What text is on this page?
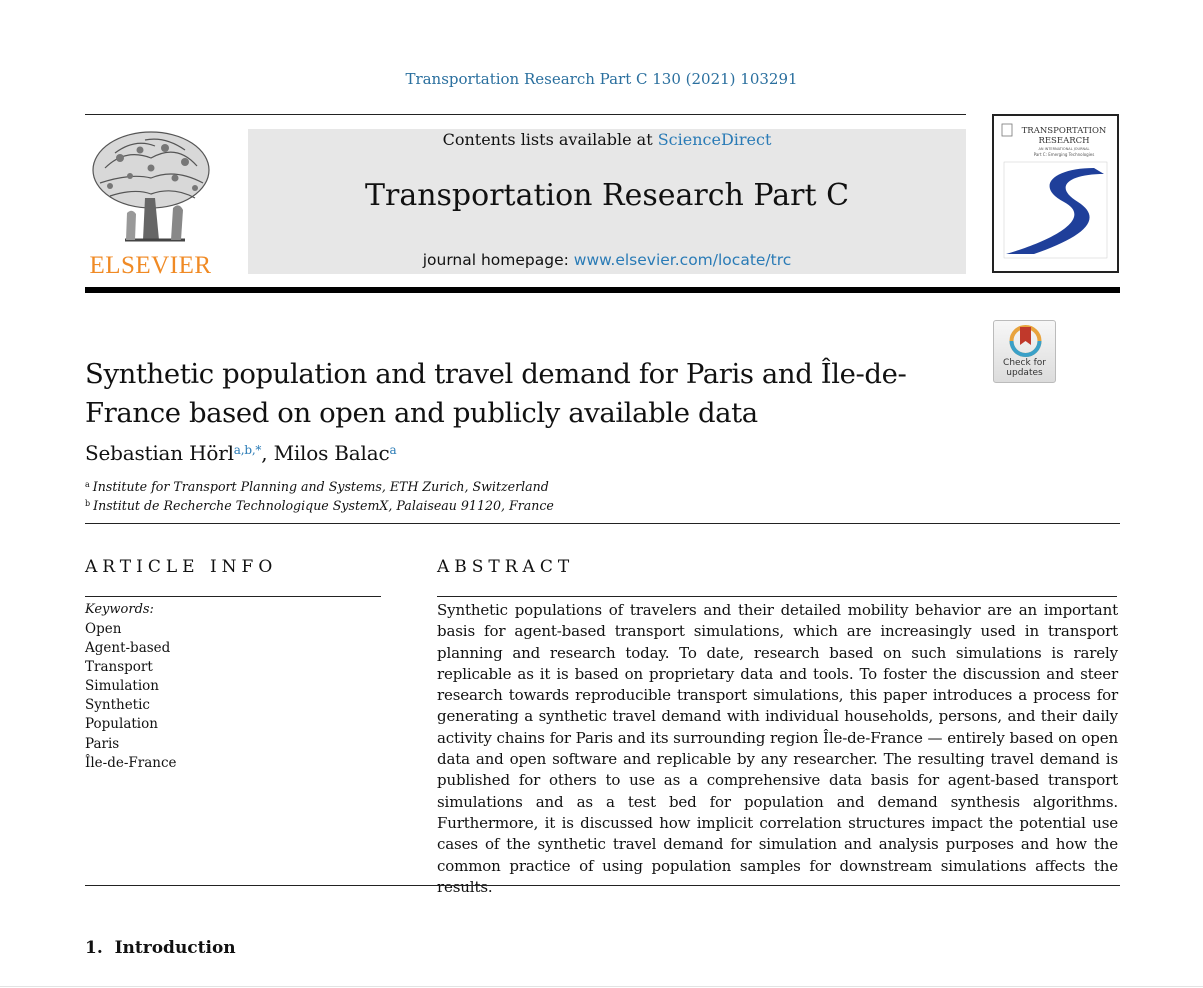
Transportation Research Part C 130 (2021) 103291
ELSEVIER
Contents lists available at ScienceDirect
Transportation Research Part C
journal homepage: www.elsevier.com/locate/trc
TRANSPORTATION
RESEARCH
AN INTERNATIONAL JOURNAL
Part C: Emerging Technologies
Check for updates
Synthetic population and travel demand for Paris and Île-de-France based on open and publicly available data
Sebastian Hörl$^{a,b,*}$, Milos Balac$^a$
$^a$ Institute for Transport Planning and Systems, ETH Zurich, Switzerland
$^b$ Institut de Recherche Technologique SystemX, Palaiseau 91120, France
ARTICLE INFO
Keywords:
Open
Agent-based
Transport
Simulation
Synthetic
Population
Paris
Île-de-France
ABSTRACT

Synthetic populations of travelers and their detailed mobility behavior are an important basis for agent-based transport simulations, which are increasingly used in transport planning and research today. To date, research based on such simulations is rarely replicable as it is based on proprietary data and tools. To foster the discussion and steer research towards reproducible transport simulations, this paper introduces a process for generating a synthetic travel demand with individual households, persons, and their daily activity chains for Paris and its surrounding region Île-de-France — entirely based on open data and open software and replicable by any researcher. The resulting travel demand is published for others to use as a comprehensive data basis for agent-based transport simulations and as a test bed for population and demand synthesis algorithms. Furthermore, it is discussed how implicit correlation structures impact the potential use cases of the synthetic travel demand for simulation and analysis purposes and how the common practice of using population samples for downstream simulations affects the results.

1. Introduction
